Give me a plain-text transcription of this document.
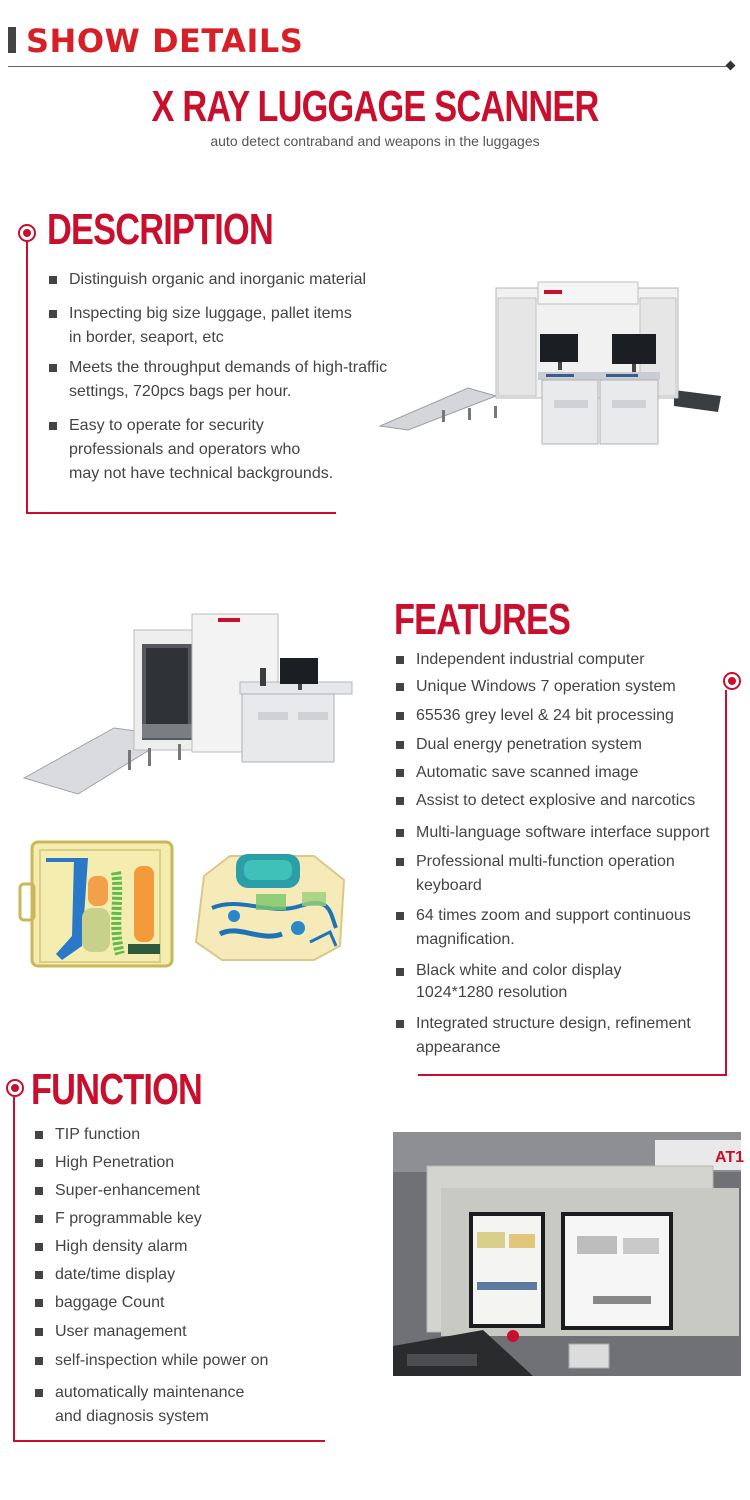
SHOW DETAILS
X RAY LUGGAGE SCANNER
auto detect contraband and weapons in the luggages
DESCRIPTION
Distinguish organic and inorganic material
Inspecting big size luggage, pallet items
in border, seaport, etc
Meets the throughput demands of high-traffic
settings, 720pcs bags per hour.
Easy to operate for security
professionals and operators who
may not have technical backgrounds.
FEATURES
Independent industrial computer
Unique Windows 7 operation system
65536 grey level & 24 bit processing
Dual energy penetration system
Automatic save scanned image
Assist to detect explosive and narcotics
Multi-language software interface support
Professional multi-function operation
keyboard
64 times zoom and support continuous
magnification.
Black white and color display
1024*1280 resolution
Integrated structure design, refinement
appearance
FUNCTION
TIP function
High Penetration
Super-enhancement
F programmable key
High density alarm
date/time display
baggage Count
User management
self-inspection while power on
automatically maintenance
and diagnosis system
AT1
